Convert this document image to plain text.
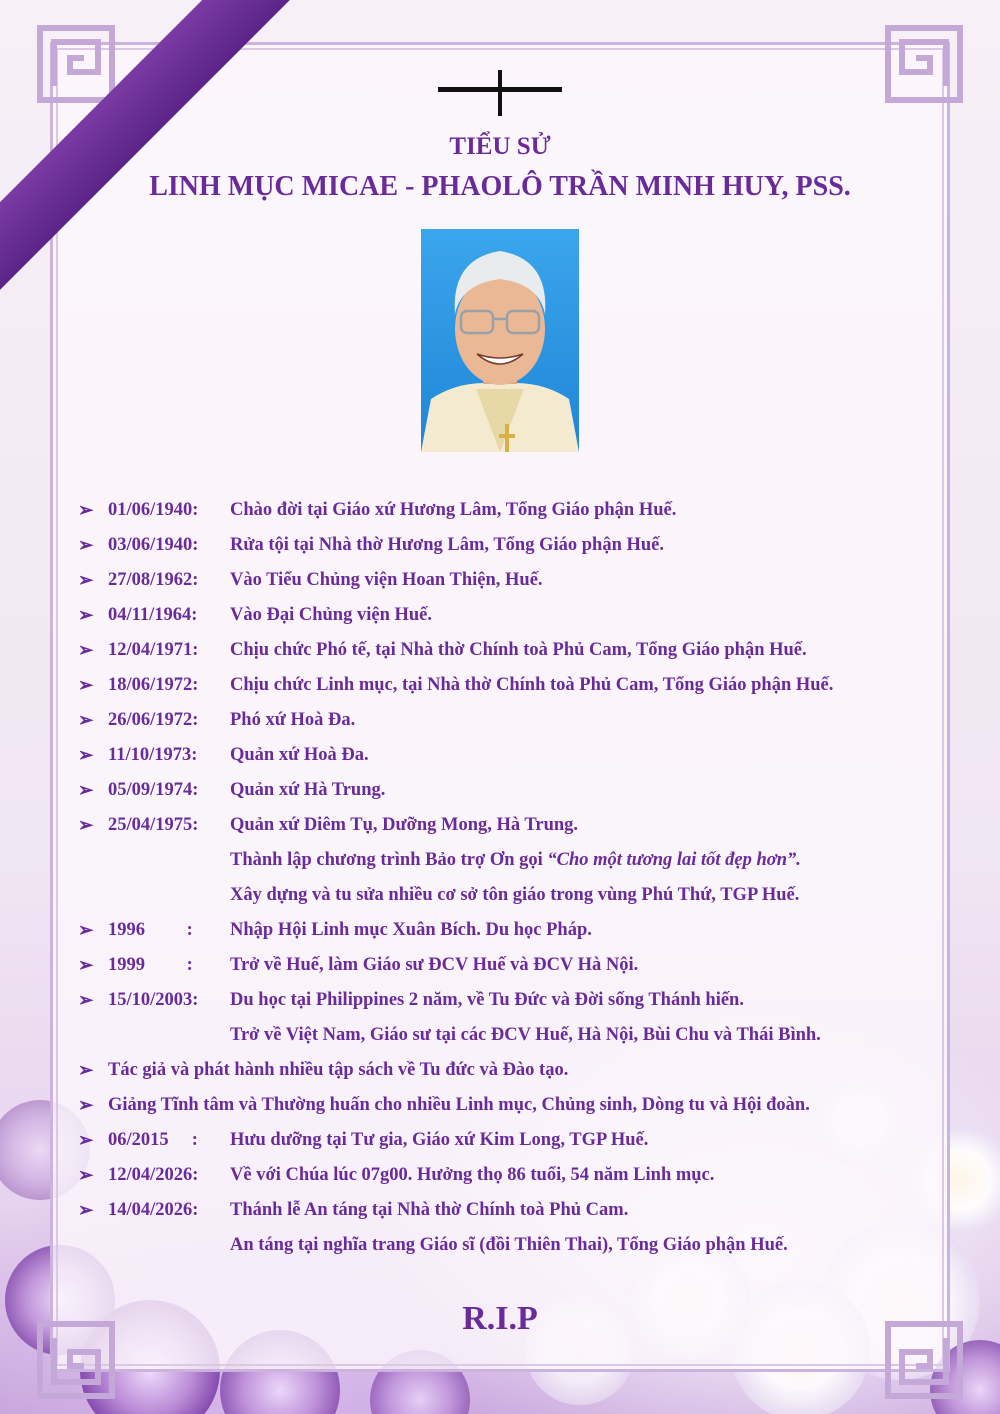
TIỂU SỬ
LINH MỤC MICAE - PHAOLÔ TRẦN MINH HUY, PSS.
➢ 01/06/1940: Chào đời tại Giáo xứ Hương Lâm, Tổng Giáo phận Huế.
➢ 03/06/1940: Rửa tội tại Nhà thờ Hương Lâm, Tổng Giáo phận Huế.
➢ 27/08/1962: Vào Tiểu Chủng viện Hoan Thiện, Huế.
➢ 04/11/1964: Vào Đại Chủng viện Huế.
➢ 12/04/1971: Chịu chức Phó tế, tại Nhà thờ Chính toà Phủ Cam, Tổng Giáo phận Huế.
➢ 18/06/1972: Chịu chức Linh mục, tại Nhà thờ Chính toà Phủ Cam, Tổng Giáo phận Huế.
➢ 26/06/1972: Phó xứ Hoà Đa.
➢ 11/10/1973: Quản xứ Hoà Đa.
➢ 05/09/1974: Quản xứ Hà Trung.
➢ 25/04/1975: Quản xứ Diêm Tụ, Dưỡng Mong, Hà Trung.
Thành lập chương trình Bảo trợ Ơn gọi “Cho một tương lai tốt đẹp hơn”.
Xây dựng và tu sửa nhiều cơ sở tôn giáo trong vùng Phú Thứ, TGP Huế.
➢ 1996         : Nhập Hội Linh mục Xuân Bích. Du học Pháp.
➢ 1999         : Trở về Huế, làm Giáo sư ĐCV Huế và ĐCV Hà Nội.
➢ 15/10/2003: Du học tại Philippines 2 năm, về Tu Đức và Đời sống Thánh hiến.
Trở về Việt Nam, Giáo sư tại các ĐCV Huế, Hà Nội, Bùi Chu và Thái Bình.
➢ Tác giả và phát hành nhiều tập sách về Tu đức và Đào tạo.
➢ Giảng Tĩnh tâm và Thường huấn cho nhiều Linh mục, Chủng sinh, Dòng tu và Hội đoàn.
➢ 06/2015     : Hưu dưỡng tại Tư gia, Giáo xứ Kim Long, TGP Huế.
➢ 12/04/2026: Về với Chúa lúc 07g00. Hưởng thọ 86 tuổi, 54 năm Linh mục.
➢ 14/04/2026: Thánh lễ An táng tại Nhà thờ Chính toà Phủ Cam.
An táng tại nghĩa trang Giáo sĩ (đồi Thiên Thai), Tổng Giáo phận Huế.
R.I.P
